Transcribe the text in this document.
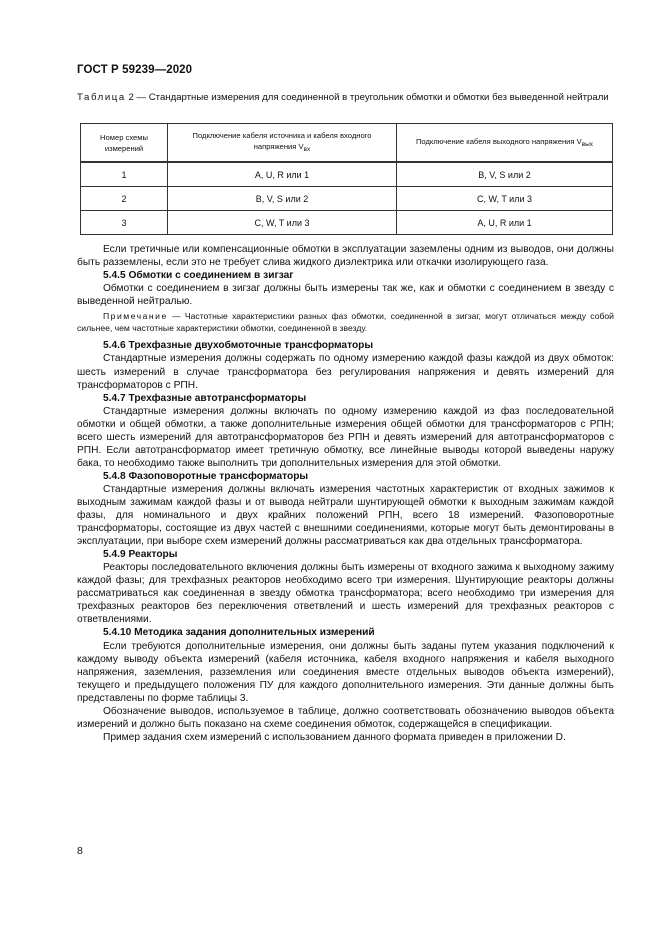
ГОСТ Р 59239—2020
Таблица 2 — Стандартные измерения для соединенной в треугольник обмотки и обмотки без выведенной нейтрали
Номер схемы измерений	Подключение кабеля источника и кабеля входного напряжения $V_{вх}$	Подключение кабеля выходного напряжения $V_{вых}$
1	A, U, R или 1	B, V, S или 2
2	B, V, S или 2	C, W, T или 3
3	C, W, T или 3	A, U, R или 1

Если третичные или компенсационные обмотки в эксплуатации заземлены одним из выводов, они должны быть разземлены, если это не требует слива жидкого диэлектрика или откачки изолирующего газа.

5.4.5 Обмотки с соединением в зигзаг

Обмотки с соединением в зигзаг должны быть измерены так же, как и обмотки с соединением в звезду с выведенной нейтралью.

Примечание — Частотные характеристики разных фаз обмотки, соединенной в зигзаг, могут отличаться между собой сильнее, чем частотные характеристики обмотки, соединенной в звезду.

5.4.6 Трехфазные двухобмоточные трансформаторы

Стандартные измерения должны содержать по одному измерению каждой фазы каждой из двух обмоток: шесть измерений в случае трансформатора без регулирования напряжения и девять измерений для трансформаторов с РПН.

5.4.7 Трехфазные автотрансформаторы

Стандартные измерения должны включать по одному измерению каждой из фаз последовательной обмотки и общей обмотки, а также дополнительные измерения общей обмотки для трансформаторов с РПН; всего шесть измерений для автотрансформаторов без РПН и девять измерений для автотрансформаторов с РПН. Если автотрансформатор имеет третичную обмотку, все линейные выводы которой выведены наружу бака, то необходимо также выполнить три дополнительных измерения для этой обмотки.

5.4.8 Фазоповоротные трансформаторы

Стандартные измерения должны включать измерения частотных характеристик от входных зажимов к выходным зажимам каждой фазы и от вывода нейтрали шунтирующей обмотки к выходным зажимам каждой фазы, для номинального и двух крайних положений РПН, всего 18 измерений. Фазоповоротные трансформаторы, состоящие из двух частей с внешними соединениями, которые могут быть демонтированы в эксплуатации, при выборе схем измерений должны рассматриваться как два отдельных трансформатора.

5.4.9 Реакторы

Реакторы последовательного включения должны быть измерены от входного зажима к выходному зажиму каждой фазы; для трехфазных реакторов необходимо всего три измерения. Шунтирующие реакторы должны рассматриваться как соединенная в звезду обмотка трансформатора; всего необходимо три измерения для трехфазных реакторов без переключения ответвлений и шесть измерений для трехфазных реакторов с ответвлениями.

5.4.10 Методика задания дополнительных измерений

Если требуются дополнительные измерения, они должны быть заданы путем указания подключений к каждому выводу объекта измерений (кабеля источника, кабеля входного напряжения и кабеля выходного напряжения, заземления, разземления или соединения вместе отдельных выводов объекта измерений), текущего и предыдущего положения ПУ для каждого дополнительного измерения. Эти данные должны быть представлены по форме таблицы 3.

Обозначение выводов, используемое в таблице, должно соответствовать обозначению выводов объекта измерений и должно быть показано на схеме соединения обмоток, содержащейся в спецификации.

Пример задания схем измерений с использованием данного формата приведен в приложении D.

8
